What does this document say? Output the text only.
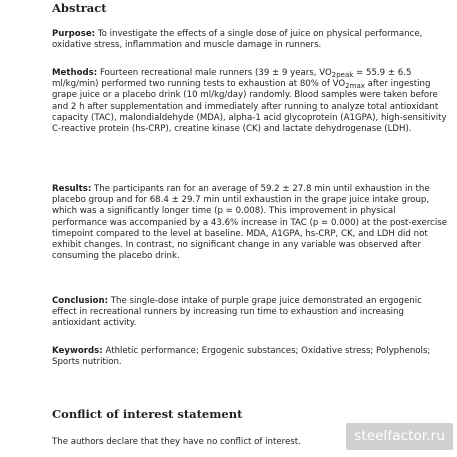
Abstract

Purpose: To investigate the effects of a single dose of juice on physical performance, oxidative stress, inflammation and muscle damage in runners.

Methods: Fourteen recreational male runners (39 ± 9 years, $VO_{2peak} = 55.9 \pm 6.5$ ml/kg/min) performed two running tests to exhaustion at 80% of $VO_{2max}$ after ingesting grape juice or a placebo drink (10 ml/kg/day) randomly. Blood samples were taken before and 2 h after supplementation and immediately after running to analyze total antioxidant capacity (TAC), malondialdehyde (MDA), alpha-1 acid glycoprotein (A1GPA), high-sensitivity C-reactive protein (hs-CRP), creatine kinase (CK) and lactate dehydrogenase (LDH).

Results: The participants ran for an average of 59.2 ± 27.8 min until exhaustion in the placebo group and for 68.4 ± 29.7 min until exhaustion in the grape juice intake group, which was a significantly longer time (p = 0.008). This improvement in physical performance was accompanied by a 43.6% increase in TAC (p = 0.000) at the post-exercise timepoint compared to the level at baseline. MDA, A1GPA, hs-CRP, CK, and LDH did not exhibit changes. In contrast, no significant change in any variable was observed after consuming the placebo drink.

Conclusion: The single-dose intake of purple grape juice demonstrated an ergogenic effect in recreational runners by increasing run time to exhaustion and increasing antioxidant activity.

Keywords: Athletic performance; Ergogenic substances; Oxidative stress; Polyphenols; Sports nutrition.

Conflict of interest statement

The authors declare that they have no conflict of interest.	steelfactor.ru
